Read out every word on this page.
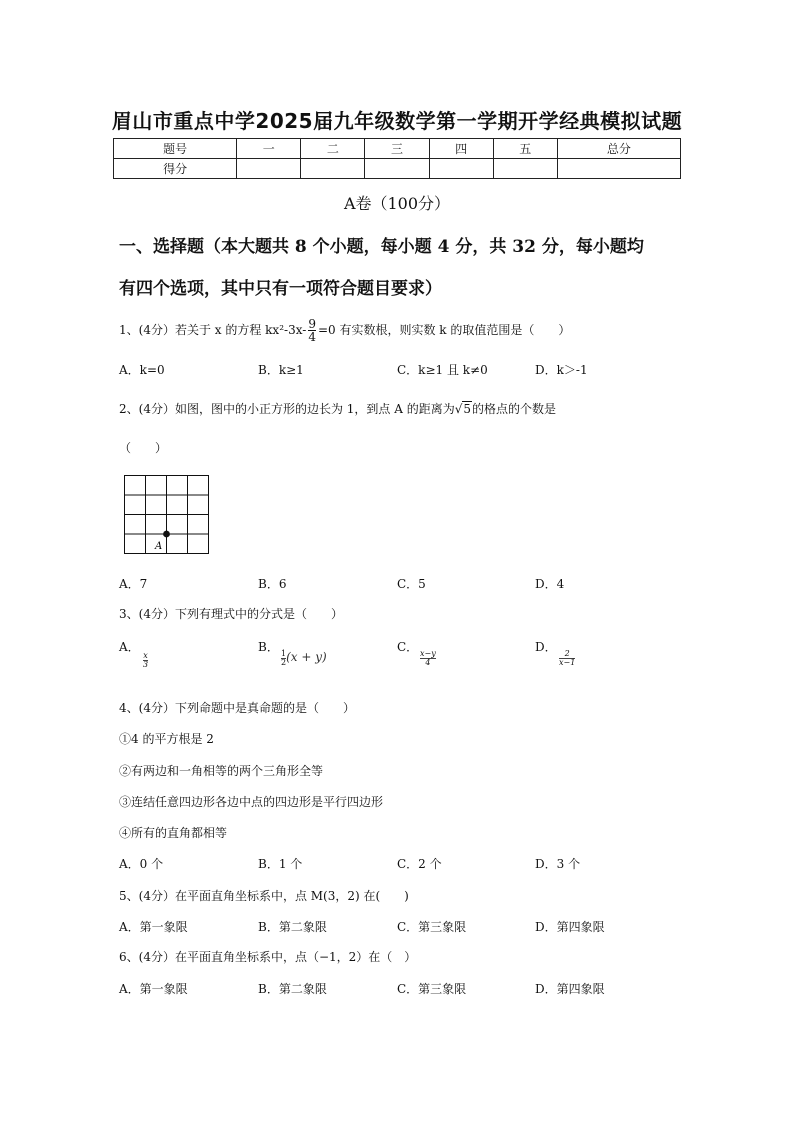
眉山市重点中学2025届九年级数学第一学期开学经典模拟试题
题号	一	二	三	四	五	总分
得分						
A卷（100分）
一、选择题（本大题共 8 个小题，每小题 4 分，共 32 分，每小题均
有四个选项，其中只有一项符合题目要求）
1、(4分）若关于 x 的方程 $kx^2-3x- \frac{9}{4} =0$ 有实数根，则实数 k 的取值范围是（　　）
A．k=0	B．k≥1	C．k≥1 且 k≠0	D．k＞-1
2、(4分）如图，图中的小正方形的边长为 1，到点 A 的距离为√5的格点的个数是
（　　）
A
A．7	B．6	C．5	D．4
3、(4分）下列有理式中的分式是（　　）
A．
$\frac{x}{3}$
B．
$\frac{1}{2} ^{(x + y)}$
C．
$\frac{x-y}{4}$
D．
$\frac{2}{x-1}$
4、(4分）下列命题中是真命题的是（　　）
①4 的平方根是 2
②有两边和一角相等的两个三角形全等
③连结任意四边形各边中点的四边形是平行四边形
④所有的直角都相等
A．0 个	B．1 个	C．2 个	D．3 个
5、(4分）在平面直角坐标系中，点 M(3，2) 在(　　)
A．第一象限	B．第二象限	C．第三象限	D．第四象限
6、(4分）在平面直角坐标系中，点（−1，2）在（　）
A．第一象限	B．第二象限	C．第三象限	D．第四象限
